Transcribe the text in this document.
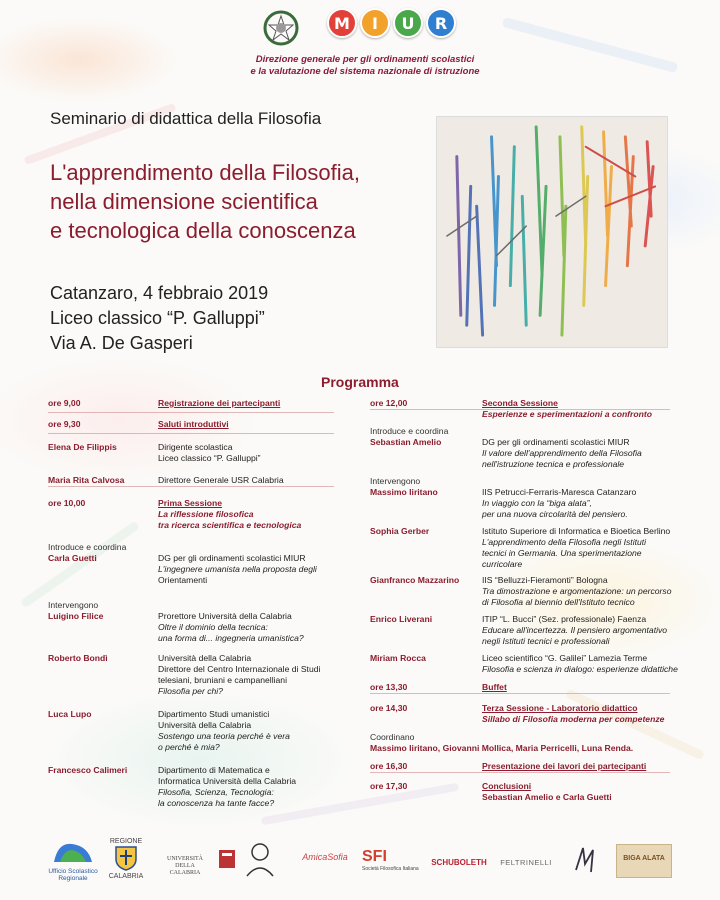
M	I	U	R
Direzione generale per gli ordinamenti scolastici
e la valutazione del sistema nazionale di istruzione
Seminario di didattica della Filosofia
L'apprendimento della Filosofia,
nella dimensione scientifica
e tecnologica della conoscenza
Catanzaro, 4 febbraio 2019
Liceo classico “P. Galluppi”
Via A. De Gasperi
Programma
ore 9,00	Registrazione dei partecipanti
ore 9,30	Saluti introduttivi
Elena De Filippis	Dirigente scolastica
Liceo classico “P. Galluppi”
Maria Rita Calvosa	Direttore Generale USR Calabria
ore 10,00	Prima Sessione
La riflessione filosofica
tra ricerca scientifica e tecnologica
Introduce e coordina
Carla Guetti	DG per gli ordinamenti scolastici MIUR
L'ingegnere umanista nella proposta degli
Orientamenti
Intervengono
Luigino Filice	Prorettore Università della Calabria
Oltre il dominio della tecnica:
una forma di... ingegneria umanistica?
Roberto Bondì	Università della Calabria
Direttore del Centro Internazionale di Studi
telesiani, bruniani e campanelliani
Filosofia per chi?
Luca Lupo	Dipartimento Studi umanistici
Università della Calabria
Sostengo una teoria perché è vera
o perché è mia?
Francesco Calimeri	Dipartimento di Matematica e
Informatica Università della Calabria
Filosofia, Scienza, Tecnologia:
la conoscenza ha tante facce?
ore 12,00	Seconda Sessione
Esperienze e sperimentazioni a confronto
Introduce e coordina
Sebastian Amelio	DG per gli ordinamenti scolastici MIUR
Il valore dell'apprendimento della Filosofia
nell'istruzione tecnica e professionale
Intervengono
Massimo Iiritano	IIS Petrucci-Ferraris-Maresca Catanzaro
In viaggio con la “biga alata”,
per una nuova circolarità del pensiero.
Sophia Gerber	Istituto Superiore di Informatica e Bioetica Berlino
L'apprendimento della Filosofia negli Istituti
tecnici in Germania. Una sperimentazione
curricolare
Gianfranco Mazzarino	IIS “Belluzzi-Fieramonti” Bologna
Tra dimostrazione e argomentazione: un percorso
di Filosofia al biennio dell'Istituto tecnico
Enrico Liverani	ITIP “L. Bucci” (Sez. professionale) Faenza
Educare all'incertezza. Il pensiero argomentativo
negli Istituti tecnici e professionali
Miriam Rocca	Liceo scientifico “G. Galilei” Lamezia Terme
Filosofia e scienza in dialogo: esperienze didattiche
ore 13,30	Buffet
ore 14,30	Terza Sessione - Laboratorio didattico
Sillabo di Filosofia moderna per competenze
Coordinano
Massimo Iiritano, Giovanni Mollica, Maria Perricelli, Luna Renda.
ore 16,30	Presentazione dei lavori dei partecipanti
ore 17,30	Conclusioni
Sebastian Amelio e Carla Guetti
Ufficio Scolastico Regionale
REGIONE
CALABRIA
UNIVERSITÀ DELLA CALABRIA
AmicaSofia SFI
Società Filosofica Italiana
SCHUBOLETH	FELTRINELLI	BIGA ALATA
